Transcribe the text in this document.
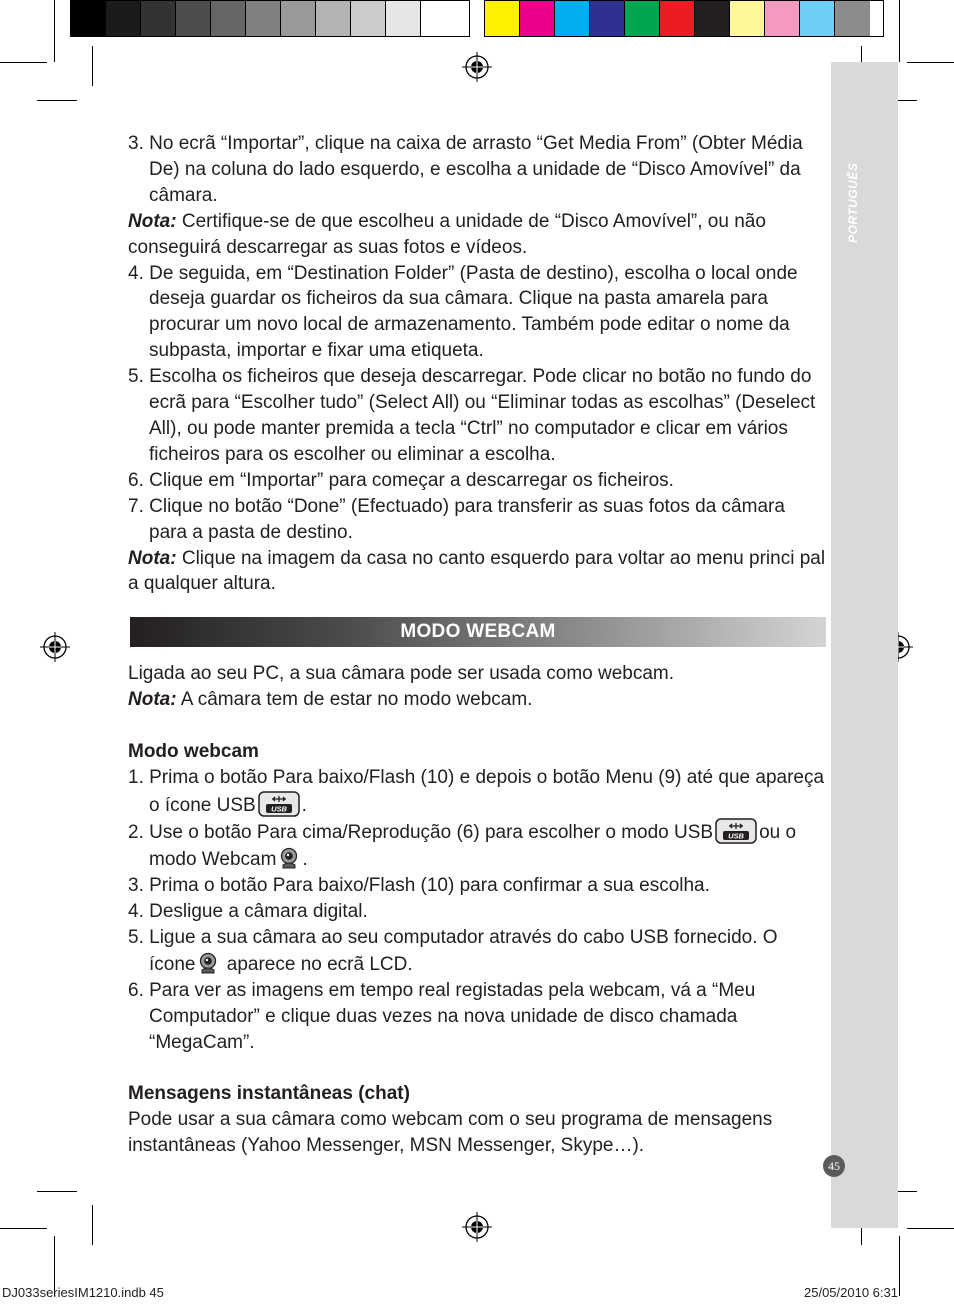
PORTUGUÊS
45

3. No ecrã “Importar”, clique na caixa de arrasto “Get Media From” (Obter Média De) na coluna do lado esquerdo, e escolha a unidade de “Disco Amovível” da câmara.

Nota: Certifique-se de que escolheu a unidade de “Disco Amovível”, ou não conseguirá descarregar as suas fotos e vídeos.

4. De seguida, em “Destination Folder” (Pasta de destino), escolha o local onde deseja guardar os ficheiros da sua câmara. Clique na pasta amarela para procurar um novo local de armazenamento. Também pode editar o nome da subpasta, importar e fixar uma etiqueta.

5. Escolha os ficheiros que deseja descarregar. Pode clicar no botão no fundo do ecrã para “Escolher tudo” (Select All) ou “Eliminar todas as escolhas” (Deselect All), ou pode manter premida a tecla “Ctrl” no computador e clicar em vários ficheiros para os escolher ou eliminar a escolha.

6. Clique em “Importar” para começar a descarregar os ficheiros.

7. Clique no botão “Done” (Efectuado) para transferir as suas fotos da câmara para a pasta de destino.

Nota: Clique na imagem da casa no canto esquerdo para voltar ao menu princi pal a qualquer altura.

MODO WEBCAM

Ligada ao seu PC, a sua câmara pode ser usada como webcam.

Nota: A câmara tem de estar no modo webcam.

Modo webcam

1. Prima o botão Para baixo/Flash (10) e depois o botão Menu (9) até que apareça o ícone USB USB .

2. Use o botão Para cima/Reprodução (6) para escolher o modo USB USB ou o modo Webcam .

3. Prima o botão Para baixo/Flash (10) para confirmar a sua escolha.

4. Desligue a câmara digital.

5. Ligue a sua câmara ao seu computador através do cabo USB fornecido. O ícone aparece no ecrã LCD.

6. Para ver as imagens em tempo real registadas pela webcam, vá a “Meu Computador” e clique duas vezes na nova unidade de disco chamada “MegaCam”.

Mensagens instantâneas (chat)

Pode usar a sua câmara como webcam com o seu programa de mensagens instantâneas (Yahoo Messenger, MSN Messenger, Skype…).

DJ033seriesIM1210.indb 45	25/05/2010 6:31
